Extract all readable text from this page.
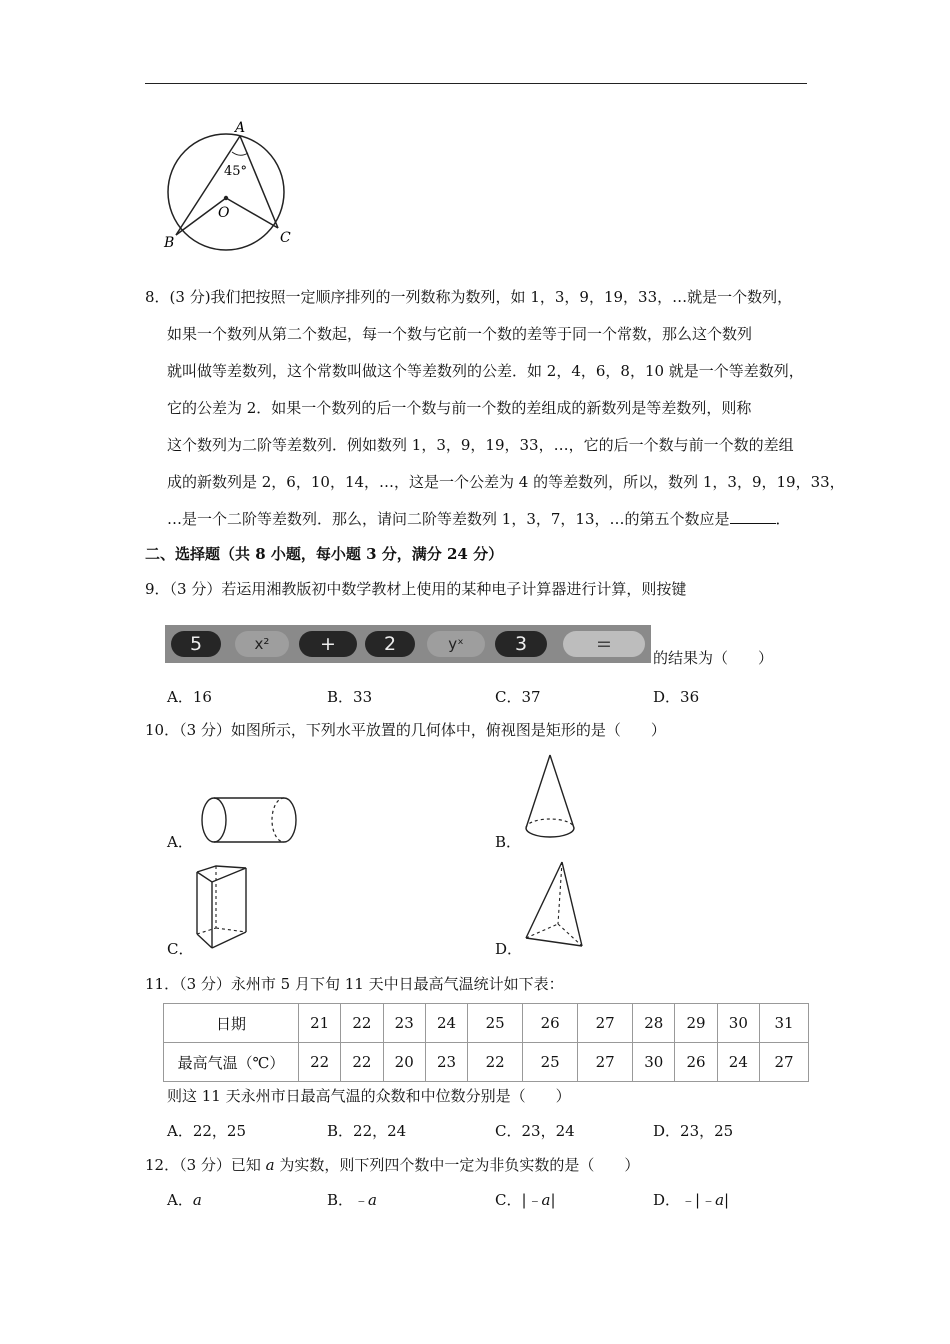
A
45°
O
B	C
8．(3 分)我们把按照一定顺序排列的一列数称为数列，如 1，3，9，19，33，…就是一个数列，
如果一个数列从第二个数起，每一个数与它前一个数的差等于同一个常数，那么这个数列
就叫做等差数列，这个常数叫做这个等差数列的公差．如 2，4，6，8，10 就是一个等差数列，
它的公差为 2．如果一个数列的后一个数与前一个数的差组成的新数列是等差数列，则称
这个数列为二阶等差数列．例如数列 1，3，9，19，33，…，它的后一个数与前一个数的差组
成的新数列是 2，6，10，14，…，这是一个公差为 4 的等差数列，所以，数列 1，3，9，19，33，
…是一个二阶等差数列．那么，请问二阶等差数列 1，3，7，13，…的第五个数应是	．
二、选择题（共 8 小题，每小题 3 分，满分 24 分）
9．（3 分）若运用湘教版初中数学教材上使用的某种电子计算器进行计算，则按键
5	x²	+	2	yˣ	3	=
的结果为（　　）
A．16	B．33	C．37	D．36
10．（3 分）如图所示，下列水平放置的几何体中，俯视图是矩形的是（　　）
A．	B．
C．	D．
11．（3 分）永州市 5 月下旬 11 天中日最高气温统计如下表：
日期	21	22	23	24	25	26	27	28	29	30	31
最高气温（℃）	22	22	20	23	22	25	27	30	26	24	27
则这 11 天永州市日最高气温的众数和中位数分别是（　　）
A．22，25	B．22，24	C．23，24	D．23，25
12．（3 分）已知 a 为实数，则下列四个数中一定为非负实数的是（　　）
A．a	B．﹣a	C．|﹣a|	D．﹣|﹣a|
